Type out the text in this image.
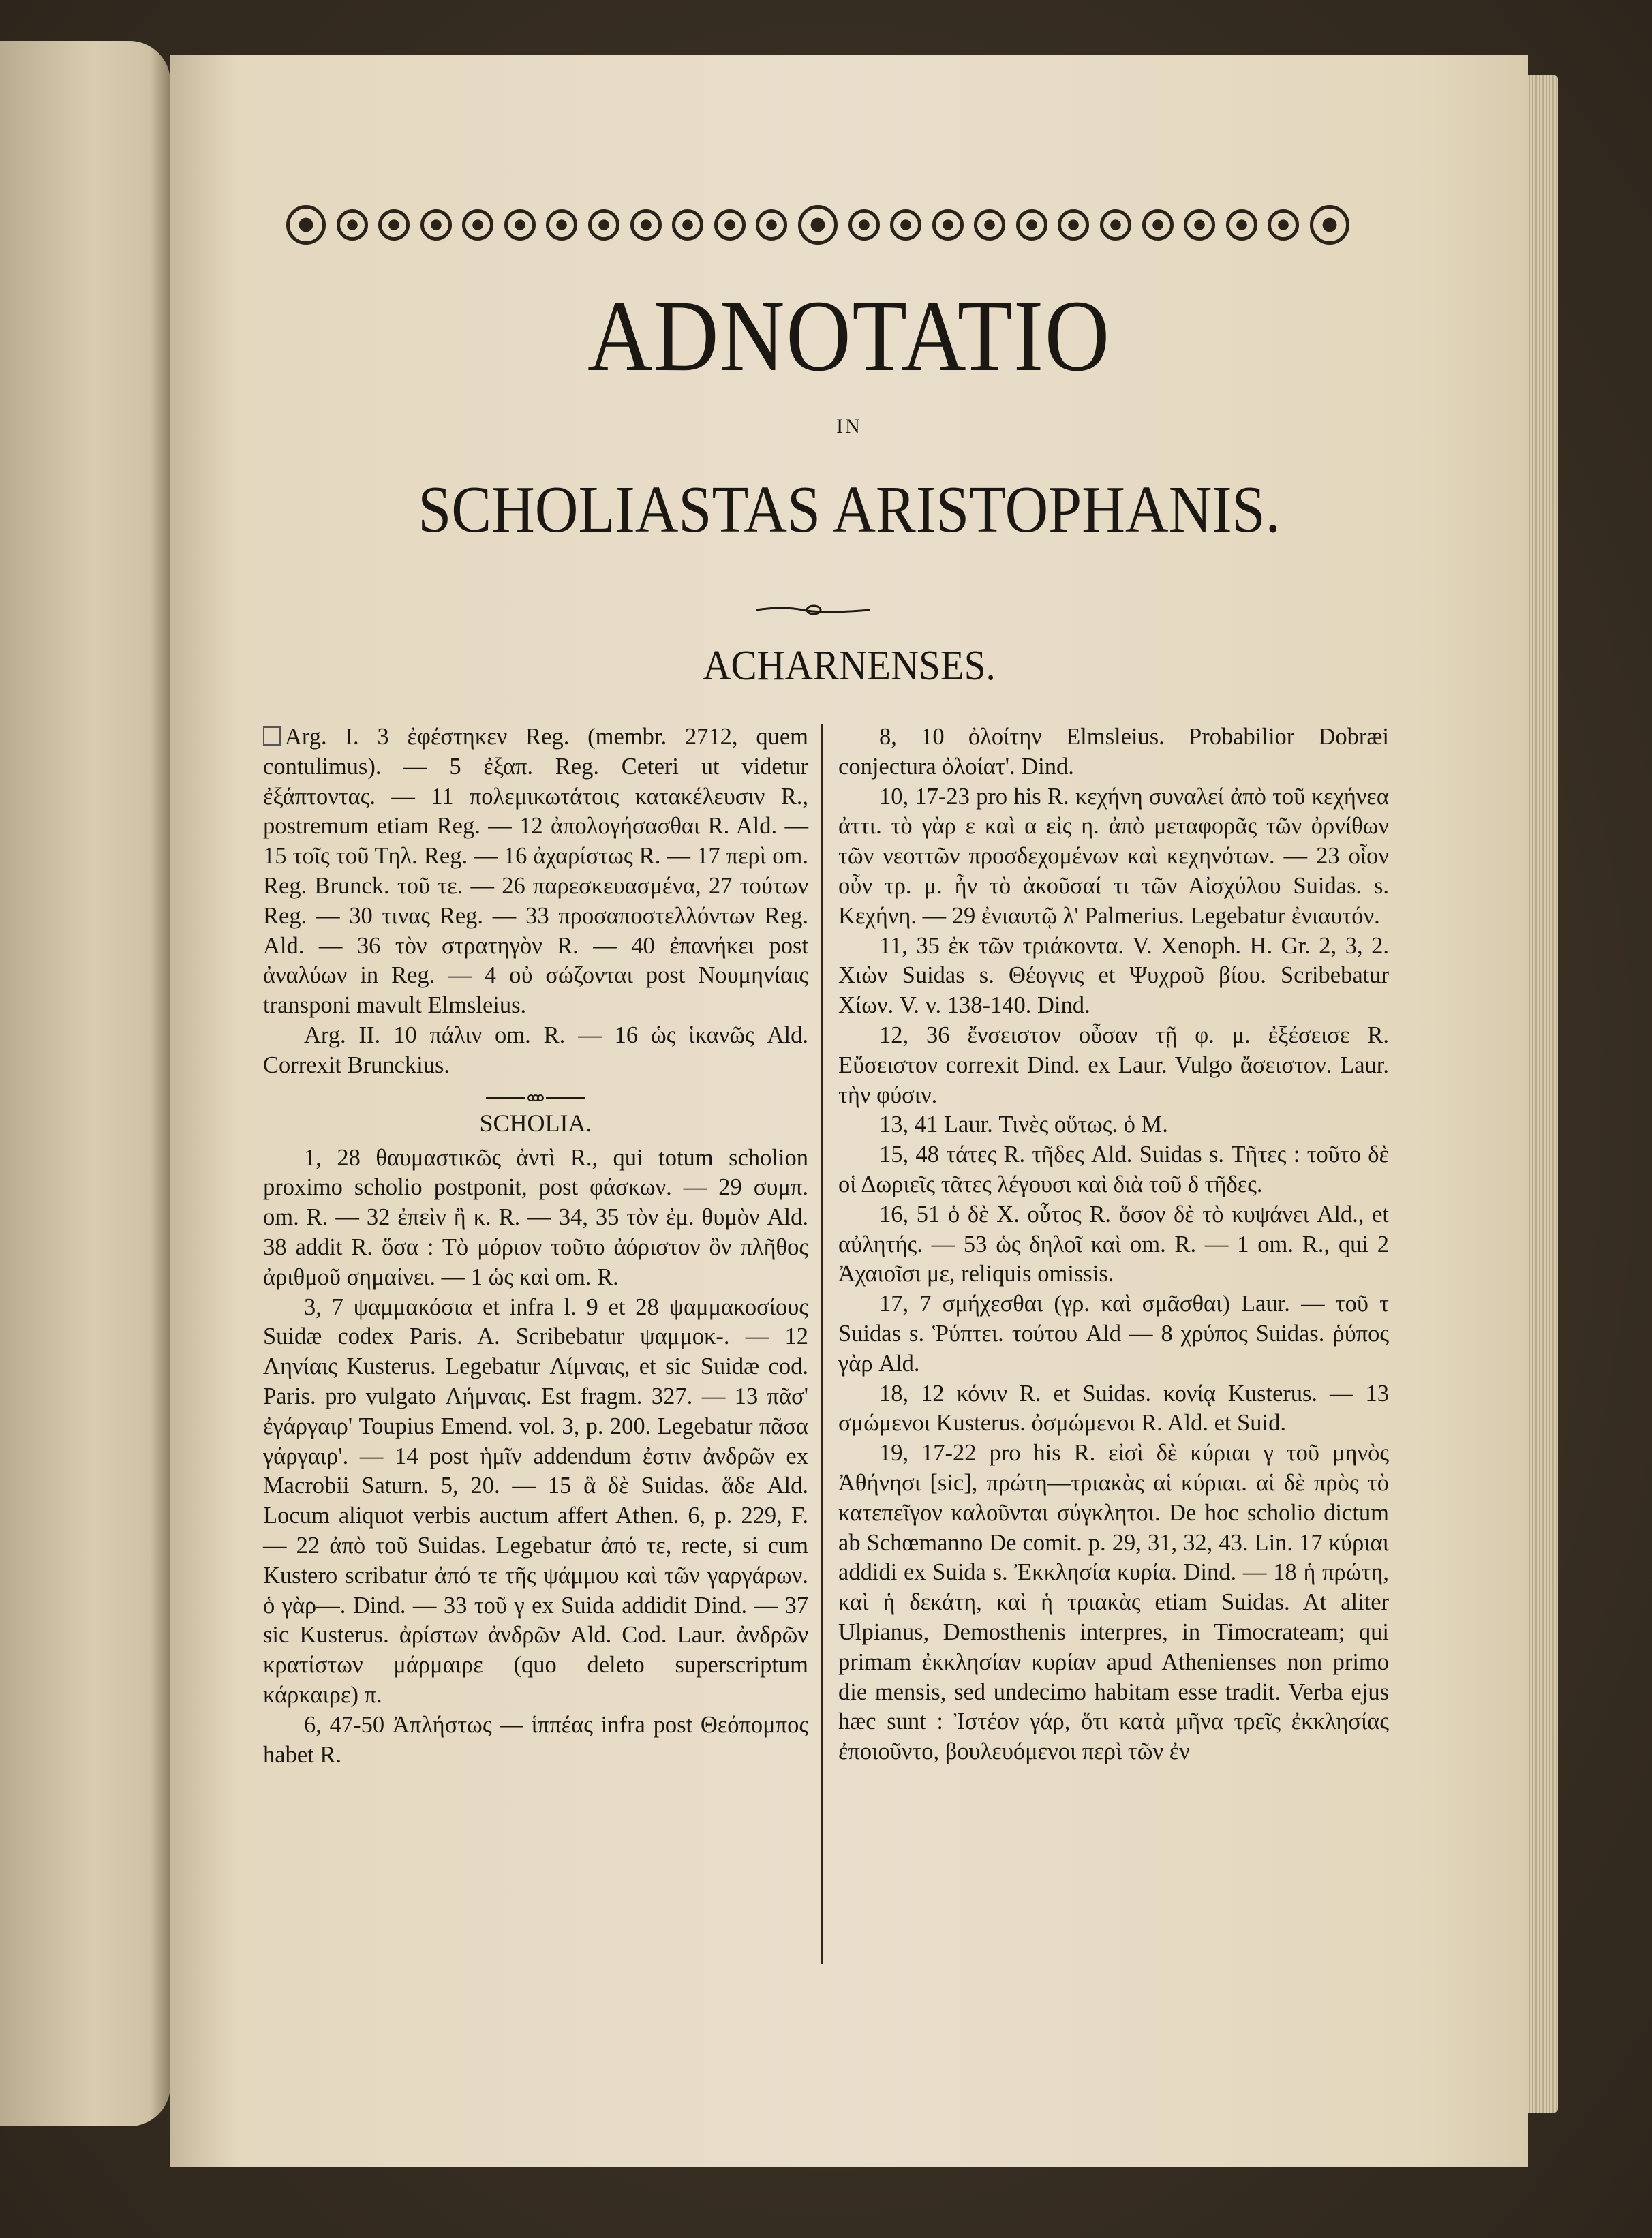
ADNOTATIO
IN
SCHOLIASTAS ARISTOPHANIS.
ACHARNENSES.

Arg. I. 3 ἐφέστηκεν Reg. (membr. 2712, quem contulimus). — 5 ἐξαπ. Reg. Ceteri ut videtur ἐξάπτοντας. — 11 πολεμικωτάτοις κατακέλευσιν R., postremum etiam Reg. — 12 ἀπολογήσασθαι R. Ald. — 15 τοῖς τοῦ Τηλ. Reg. — 16 ἀχαρίστως R. — 17 περὶ om. Reg. Brunck. τοῦ τε. — 26 παρεσκευασμένα, 27 τούτων Reg. — 30 τινας Reg. — 33 προσαποστελλόντων Reg. Ald. — 36 τὸν στρατηγὸν R. — 40 ἐπανήκει post ἀναλύων in Reg. — 4 οὐ σώζονται post Νουμηνίαις transponi mavult Elmsleius.

Arg. II. 10 πάλιν om. R. — 16 ὡς ἱκανῶς Ald. Correxit Brunckius.

SCHOLIA.

1, 28 θαυμαστικῶς ἀντὶ R., qui totum scholion proximo scholio postponit, post φάσκων. — 29 συμπ. om. R. — 32 ἐπεὶν ἢ κ. R. — 34, 35 τὸν ἐμ. θυμὸν Ald. 38 addit R. ὅσα : Τὸ μόριον τοῦτο ἀόριστον ὂν πλῆθος ἀριθμοῦ σημαίνει. — 1 ὡς καὶ om. R.

3, 7 ψαμμακόσια et infra l. 9 et 28 ψαμμακοσίους Suidæ codex Paris. A. Scribebatur ψαμμοκ-. — 12 Ληνίαις Kusterus. Legebatur Λίμναις, et sic Suidæ cod. Paris. pro vulgato Λήμναις. Est fragm. 327. — 13 πᾶσ' ἐγάργαιρ' Toupius Emend. vol. 3, p. 200. Legebatur πᾶσα γάργαιρ'. — 14 post ἡμῖν addendum ἐστιν ἀνδρῶν ex Macrobii Saturn. 5, 20. — 15 ἃ δὲ Suidas. ἅδε Ald. Locum aliquot verbis auctum affert Athen. 6, p. 229, F. — 22 ἀπὸ τοῦ Suidas. Legebatur ἀπό τε, recte, si cum Kustero scribatur ἀπό τε τῆς ψάμμου καὶ τῶν γαργάρων. ὁ γὰρ—. Dind. — 33 τοῦ γ ex Suida addidit Dind. — 37 sic Kusterus. ἀρίστων ἀνδρῶν Ald. Cod. Laur. ἀνδρῶν κρατίστων μάρμαιρε (quo deleto superscriptum κάρκαιρε) π.

6, 47-50 Ἀπλήστως — ἱππέας infra post Θεόπομπος habet R.

8, 10 ὀλοίτην Elmsleius. Probabilior Dobræi conjectura ὀλοίατ'. Dind.

10, 17-23 pro his R. κεχήνη συναλεί ἀπὸ τοῦ κεχήνεα ἀττι. τὸ γὰρ ε καὶ α εἰς η. ἀπὸ μεταφορᾶς τῶν ὀρνίθων τῶν νεοττῶν προσδεχομένων καὶ κεχηνότων. — 23 οἷον οὖν τρ. μ. ἦν τὸ ἀκοῦσαί τι τῶν Αἰσχύλου Suidas. s. Κεχήνη. — 29 ἐνιαυτῷ λ' Palmerius. Legebatur ἐνιαυτόν.

11, 35 ἐκ τῶν τριάκοντα. V. Xenoph. H. Gr. 2, 3, 2. Χιὼν Suidas s. Θέογνις et Ψυχροῦ βίου. Scribebatur Χίων. V. v. 138-140. Dind.

12, 36 ἔνσειστον οὖσαν τῇ φ. μ. ἐξέσεισε R. Εὔσειστον correxit Dind. ex Laur. Vulgo ἄσειστον. Laur. τὴν φύσιν.

13, 41 Laur. Τινὲς οὕτως. ὁ Μ.

15, 48 τάτες R. τῆδες Ald. Suidas s. Τῆτες : τοῦτο δὲ οἱ Δωριεῖς τᾶτες λέγουσι καὶ διὰ τοῦ δ τῆδες.

16, 51 ὁ δὲ Χ. οὗτος R. ὅσον δὲ τὸ κυψάνει Ald., et αὐλητής. — 53 ὡς δηλοῖ καὶ om. R. — 1 om. R., qui 2 Ἀχαιοῖσι με, reliquis omissis.

17, 7 σμήχεσθαι (γρ. καὶ σμᾶσθαι) Laur. — τοῦ τ Suidas s. Ῥύπτει. τούτου Ald — 8 χρύπος Suidas. ῥύπος γὰρ Ald.

18, 12 κόνιν R. et Suidas. κονίᾳ Kusterus. — 13 σμώμενοι Kusterus. ὀσμώμενοι R. Ald. et Suid.

19, 17-22 pro his R. εἰσὶ δὲ κύριαι γ τοῦ μηνὸς Ἀθήνησι [sic], πρώτη—τριακὰς αἱ κύριαι. αἱ δὲ πρὸς τὸ κατεπεῖγον καλοῦνται σύγκλητοι. De hoc scholio dictum ab Schœmanno De comit. p. 29, 31, 32, 43. Lin. 17 κύριαι addidi ex Suida s. Ἐκκλησία κυρία. Dind. — 18 ἡ πρώτη, καὶ ἡ δεκάτη, καὶ ἡ τριακὰς etiam Suidas. At aliter Ulpianus, Demosthenis interpres, in Timocrateam; qui primam ἐκκλησίαν κυρίαν apud Athenienses non primo die mensis, sed undecimo habitam esse tradit. Verba ejus hæc sunt : Ἰστέον γάρ, ὅτι κατὰ μῆνα τρεῖς ἐκκλησίας ἐποιοῦντο, βουλευόμενοι περὶ τῶν ἐν
